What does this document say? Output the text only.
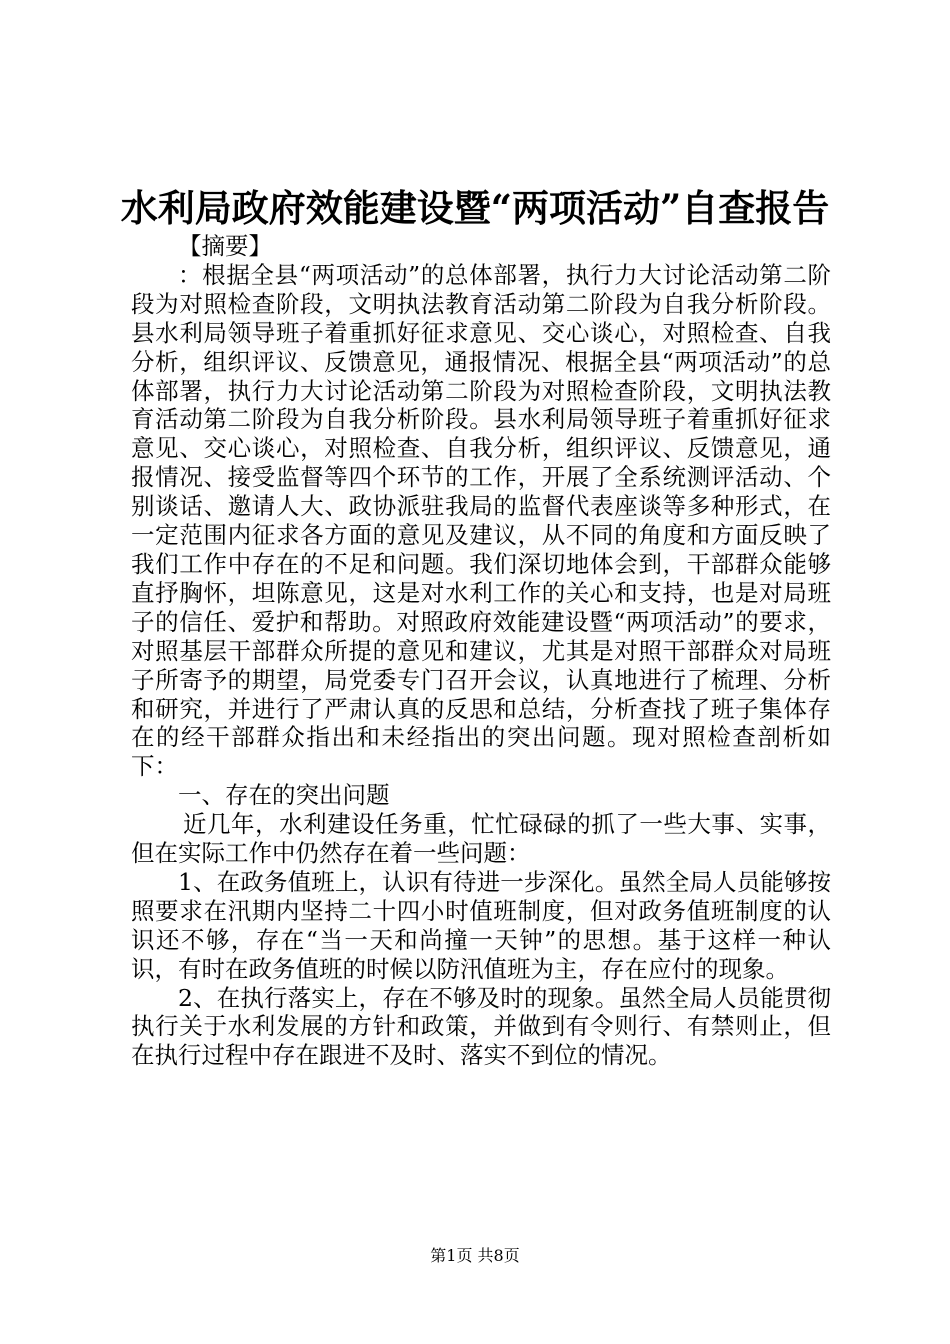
水利局政府效能建设暨“两项活动”自查报告

【摘要】

：根据全县“两项活动”的总体部署，执行力大讨论活动第二阶段为对照检查阶段，文明执法教育活动第二阶段为自我分析阶段。县水利局领导班子着重抓好征求意见、交心谈心，对照检查、自我分析，组织评议、反馈意见，通报情况、根据全县“两项活动”的总体部署，执行力大讨论活动第二阶段为对照检查阶段，文明执法教育活动第二阶段为自我分析阶段。县水利局领导班子着重抓好征求意见、交心谈心，对照检查、自我分析，组织评议、反馈意见，通报情况、接受监督等四个环节的工作，开展了全系统测评活动、个别谈话、邀请人大、政协派驻我局的监督代表座谈等多种形式，在一定范围内征求各方面的意见及建议，从不同的角度和方面反映了我们工作中存在的不足和问题。我们深切地体会到，干部群众能够直抒胸怀，坦陈意见，这是对水利工作的关心和支持，也是对局班子的信任、爱护和帮助。对照政府效能建设暨“两项活动”的要求，对照基层干部群众所提的意见和建议，尤其是对照干部群众对局班子所寄予的期望，局党委专门召开会议，认真地进行了梳理、分析和研究，并进行了严肃认真的反思和总结，分析查找了班子集体存在的经干部群众指出和未经指出的突出问题。现对照检查剖析如下：

一、存在的突出问题

近几年，水利建设任务重，忙忙碌碌的抓了一些大事、实事，但在实际工作中仍然存在着一些问题：

1、在政务值班上，认识有待进一步深化。虽然全局人员能够按照要求在汛期内坚持二十四小时值班制度，但对政务值班制度的认识还不够，存在“当一天和尚撞一天钟”的思想。基于这样一种认识，有时在政务值班的时候以防汛值班为主，存在应付的现象。

2、在执行落实上，存在不够及时的现象。虽然全局人员能贯彻执行关于水利发展的方针和政策，并做到有令则行、有禁则止，但在执行过程中存在跟进不及时、落实不到位的情况。

第1页 共8页
